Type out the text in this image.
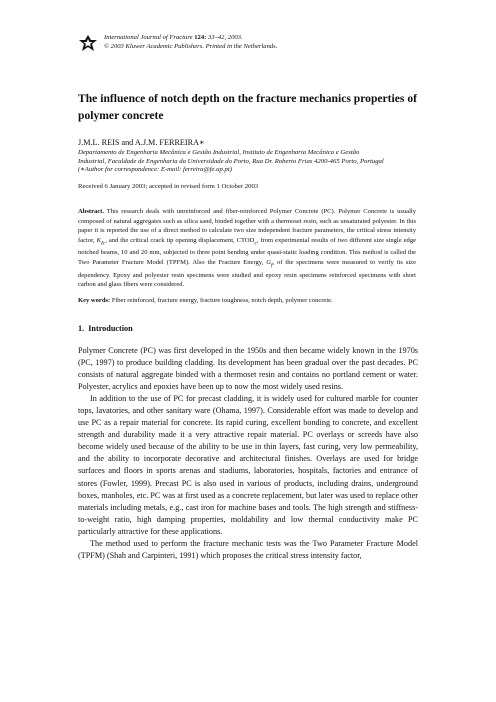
International Journal of Fracture 124: 33–42, 2003.
© 2003 Kluwer Academic Publishers. Printed in the Netherlands.
The influence of notch depth on the fracture mechanics properties of polymer concrete
J.M.L. REIS and A.J.M. FERREIRA∗
Departamento de Engenharia Mecânica e Gestão Industrial, Instituto de Engenharia Mecânica e Gestão
Industrial, Faculdade de Engenharia da Universidade do Porto, Rua Dr. Roberto Frias 4200-465 Porto, Portugal
(∗Author for correspondence: E-mail: ferreira@fe.up.pt)
Received 6 January 2003; accepted in revised form 1 October 2003
Abstract. This research deals with unreinforced and fiber-reinforced Polymer Concrete (PC). Polymer Concrete is usually composed of natural aggregates such as silica sand, binded together with a thermoset resin, such as unsaturated polyester. In this paper it is reported the use of a direct method to calculate two size independent fracture parameters, the critical stress intensity factor, $K_{Ic}$, and the critical crack tip opening displacement, $CTOD_c$, from experimental results of two different size single edge notched beams, 10 and 20 mm, subjected to three point bending under quasi-static loading condition. This method is called the Two Parameter Fracture Model (TPFM). Also the Fracture Energy, $G_f$, of the specimens were measured to verify its size dependency. Epoxy and polyester resin specimens were studied and epoxy resin specimens reinforced specimens with short carbon and glass fibers were considered.
Key words: Fiber reinforced, fracture energy, fracture toughness, notch depth, polymer concrete.
1. Introduction

Polymer Concrete (PC) was first developed in the 1950s and then became widely known in the 1970s (PC, 1997) to produce building cladding. Its development has been gradual over the past decades. PC consists of natural aggregate binded with a thermoset resin and contains no portland cement or water. Polyester, acrylics and epoxies have been up to now the most widely used resins.

In addition to the use of PC for precast cladding, it is widely used for cultured marble for counter tops, lavatories, and other sanitary ware (Ohama, 1997). Considerable effort was made to develop and use PC as a repair material for concrete. Its rapid curing, excellent bonding to concrete, and excellent strength and durability made it a very attractive repair material. PC overlays or screeds have also become widely used because of the ability to be use in thin layers, fast curing, very low permeability, and the ability to incorporate decorative and architectural finishes. Overlays are used for bridge surfaces and floors in sports arenas and stadiums, laboratories, hospitals, factories and entrance of stores (Fowler, 1999). Precast PC is also used in various of products, including drains, underground boxes, manholes, etc. PC was at first used as a concrete replacement, but later was used to replace other materials including metals, e.g., cast iron for machine bases and tools. The high strength and stiffness-to-weight ratio, high damping properties, moldability and low thermal conductivity make PC particularly attractive for these applications.

The method used to perform the fracture mechanic tests was the Two Parameter Fracture Model (TPFM) (Shah and Carpinteri, 1991) which proposes the critical stress intensity factor,
